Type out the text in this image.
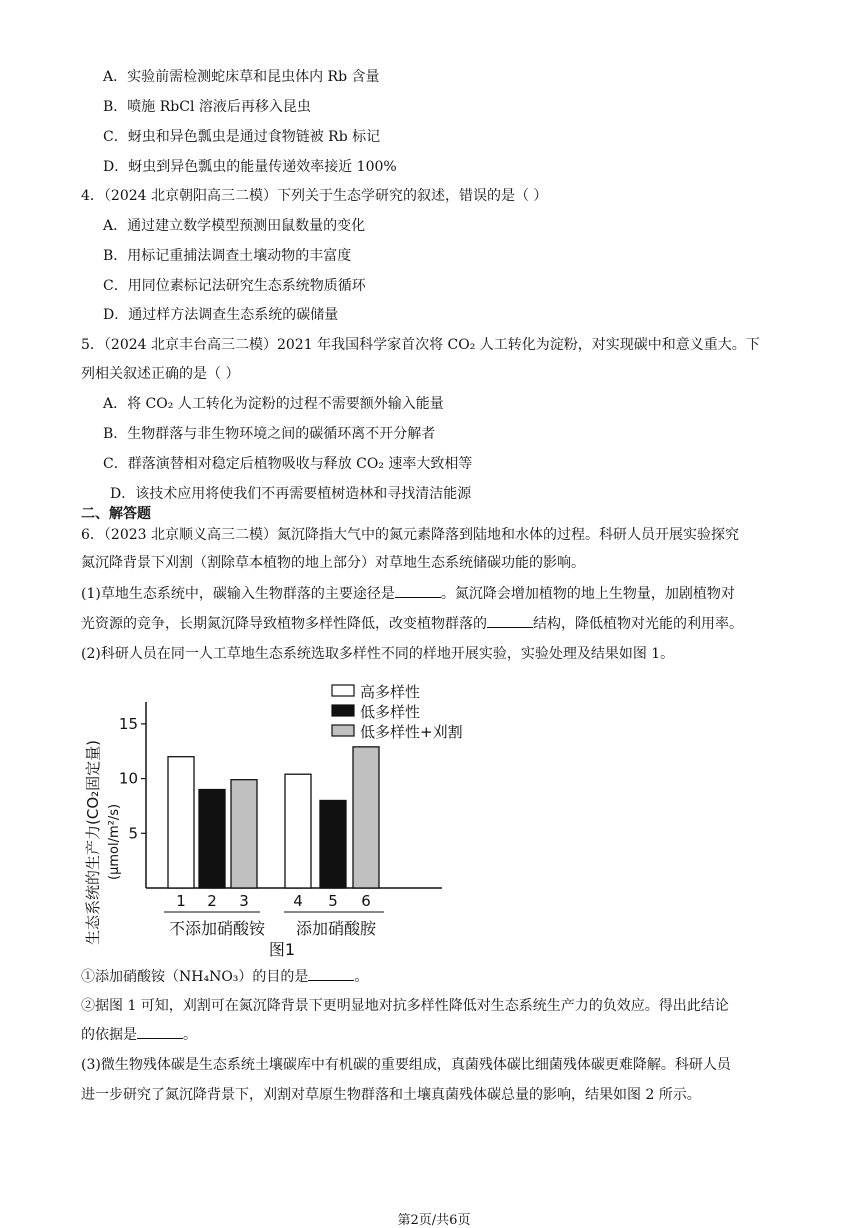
A．实验前需检测蛇床草和昆虫体内 Rb 含量
B．喷施 RbCl 溶液后再移入昆虫
C．蚜虫和异色瓢虫是通过食物链被 Rb 标记
D．蚜虫到异色瓢虫的能量传递效率接近 100%
4．（2024 北京朝阳高三二模）下列关于生态学研究的叙述，错误的是（ ）
A．通过建立数学模型预测田鼠数量的变化
B．用标记重捕法调查土壤动物的丰富度
C．用同位素标记法研究生态系统物质循环
D．通过样方法调查生态系统的碳储量
5．（2024 北京丰台高三二模）2021 年我国科学家首次将 CO₂ 人工转化为淀粉，对实现碳中和意义重大。下
列相关叙述正确的是（ ）
A．将 CO₂ 人工转化为淀粉的过程不需要额外输入能量
B．生物群落与非生物环境之间的碳循环离不开分解者
C．群落演替相对稳定后植物吸收与释放 CO₂ 速率大致相等
D．该技术应用将使我们不再需要植树造林和寻找清洁能源
二、解答题
6．（2023 北京顺义高三二模）氮沉降指大气中的氮元素降落到陆地和水体的过程。科研人员开展实验探究
氮沉降背景下刈割（割除草本植物的地上部分）对草地生态系统储碳功能的影响。
(1)草地生态系统中，碳输入生物群落的主要途径是	。氮沉降会增加植物的地上生物量，加剧植物对
光资源的竞争，长期氮沉降导致植物多样性降低，改变植物群落的	结构，降低植物对光能的利用率。
(2)科研人员在同一人工草地生态系统选取多样性不同的样地开展实验，实验处理及结果如图 1。
高多样性
低多样性
低多样性+刈割
生态系统的生产力(CO₂固定量) (μmol/m²/s) 5
10
15
1 2 3	4 5 6
不添加硝酸铵 添加硝酸胺
图1
①添加硝酸铵（NH₄NO₃）的目的是	。
②据图 1 可知，刈割可在氮沉降背景下更明显地对抗多样性降低对生态系统生产力的负效应。得出此结论
的依据是	。
(3)微生物残体碳是生态系统土壤碳库中有机碳的重要组成，真菌残体碳比细菌残体碳更难降解。科研人员
进一步研究了氮沉降背景下，刈割对草原生物群落和土壤真菌残体碳总量的影响，结果如图 2 所示。
第2页/共6页
